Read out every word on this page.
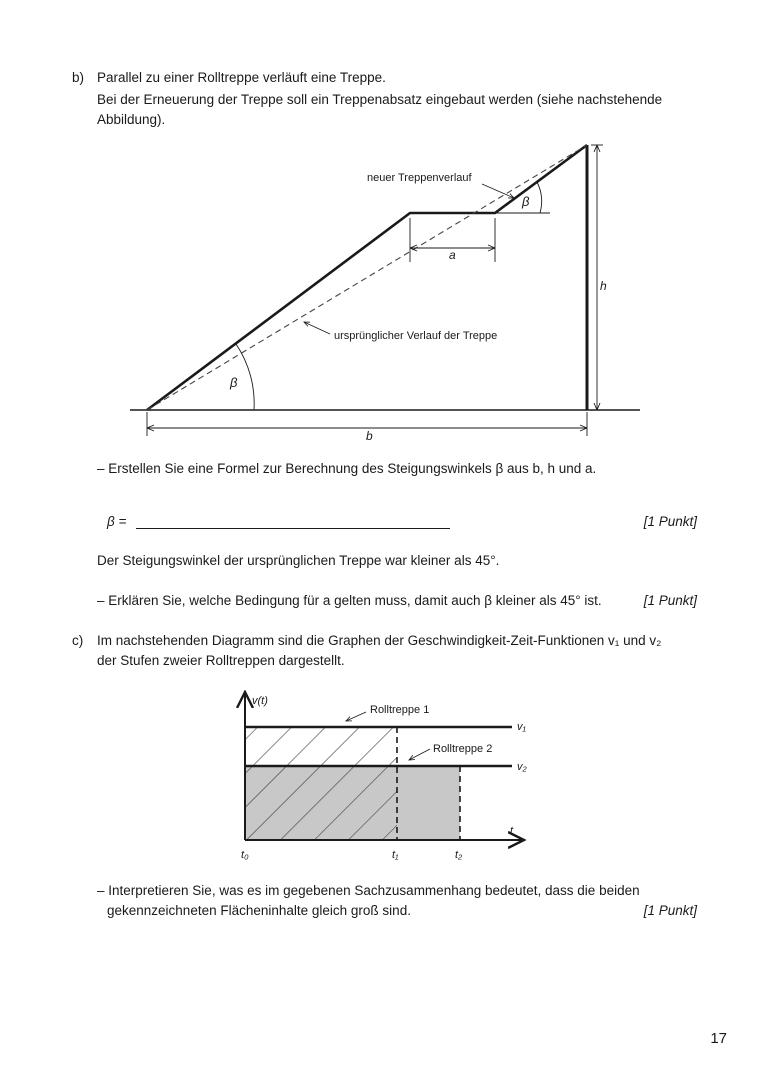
b) Parallel zu einer Rolltreppe verläuft eine Treppe.
Bei der Erneuerung der Treppe soll ein Treppenabsatz eingebaut werden (siehe nachstehende
Abbildung).
neuer Treppenverlauf
ursprünglicher Verlauf der Treppe
β
β
a
h
b
– Erstellen Sie eine Formel zur Berechnung des Steigungswinkels β aus b, h und a.
β =	[1 Punkt]
Der Steigungswinkel der ursprünglichen Treppe war kleiner als 45°.
– Erklären Sie, welche Bedingung für a gelten muss, damit auch β kleiner als 45° ist.	[1 Punkt]
c) Im nachstehenden Diagramm sind die Graphen der Geschwindigkeit-Zeit-Funktionen v₁ und v₂
der Stufen zweier Rolltreppen dargestellt.
v(t)
t
Rolltreppe 1
Rolltreppe 2
v₁
v₂
t₀	t₁	t₂
– Interpretieren Sie, was es im gegebenen Sachzusammenhang bedeutet, dass die beiden
gekennzeichneten Flächeninhalte gleich groß sind.	[1 Punkt]
17
